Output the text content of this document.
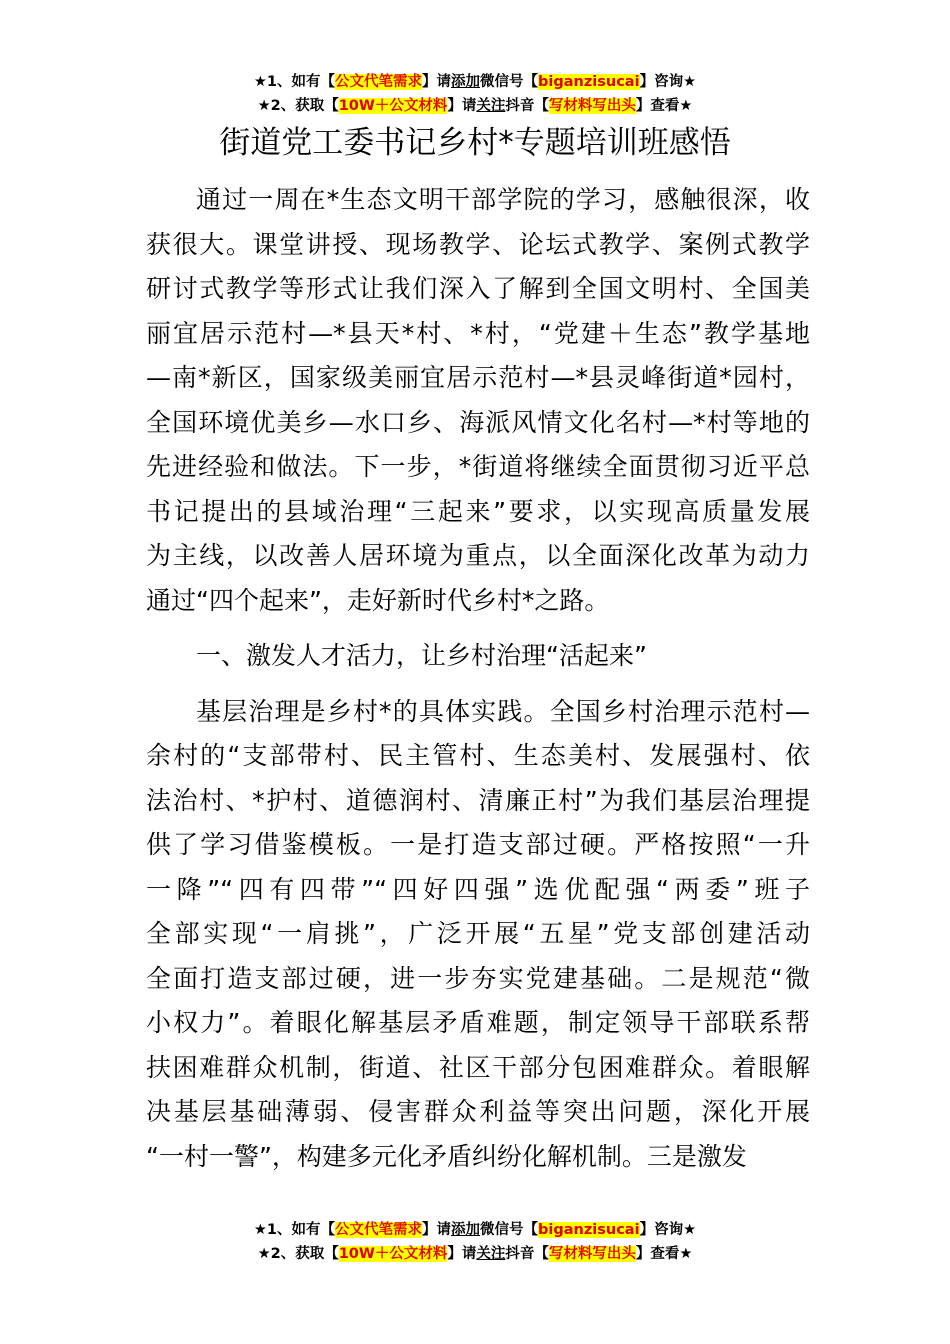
★1、如有【公文代笔需求】请添加微信号【biganzisucai】咨询★
★2、获取【10W＋公文材料】请关注抖音【写材料写出头】查看★
街道党工委书记乡村*专题培训班感悟
通过一周在*生态文明干部学院的学习，感触很深，收
获很大。课堂讲授、现场教学、论坛式教学、案例式教学
研讨式教学等形式让我们深入了解到全国文明村、全国美
丽宜居示范村—*县天*村、*村，“党建＋生态”教学基地
—南*新区，国家级美丽宜居示范村—*县灵峰街道*园村，
全国环境优美乡—水口乡、海派风情文化名村—*村等地的
先进经验和做法。下一步，*街道将继续全面贯彻习近平总
书记提出的县域治理“三起来”要求，以实现高质量发展
为主线，以改善人居环境为重点，以全面深化改革为动力
通过“四个起来”，走好新时代乡村*之路。
一、激发人才活力，让乡村治理“活起来”
基层治理是乡村*的具体实践。全国乡村治理示范村—
余村的“支部带村、民主管村、生态美村、发展强村、依
法治村、*护村、道德润村、清廉正村”为我们基层治理提
供了学习借鉴模板。一是打造支部过硬。严格按照“一升
一降”“四有四带”“四好四强”选优配强“两委”班子
全部实现“一肩挑”，广泛开展“五星”党支部创建活动
全面打造支部过硬，进一步夯实党建基础。二是规范“微
小权力”。着眼化解基层矛盾难题，制定领导干部联系帮
扶困难群众机制，街道、社区干部分包困难群众。着眼解
决基层基础薄弱、侵害群众利益等突出问题，深化开展
“一村一警”，构建多元化矛盾纠纷化解机制。三是激发
★1、如有【公文代笔需求】请添加微信号【biganzisucai】咨询★
★2、获取【10W＋公文材料】请关注抖音【写材料写出头】查看★
